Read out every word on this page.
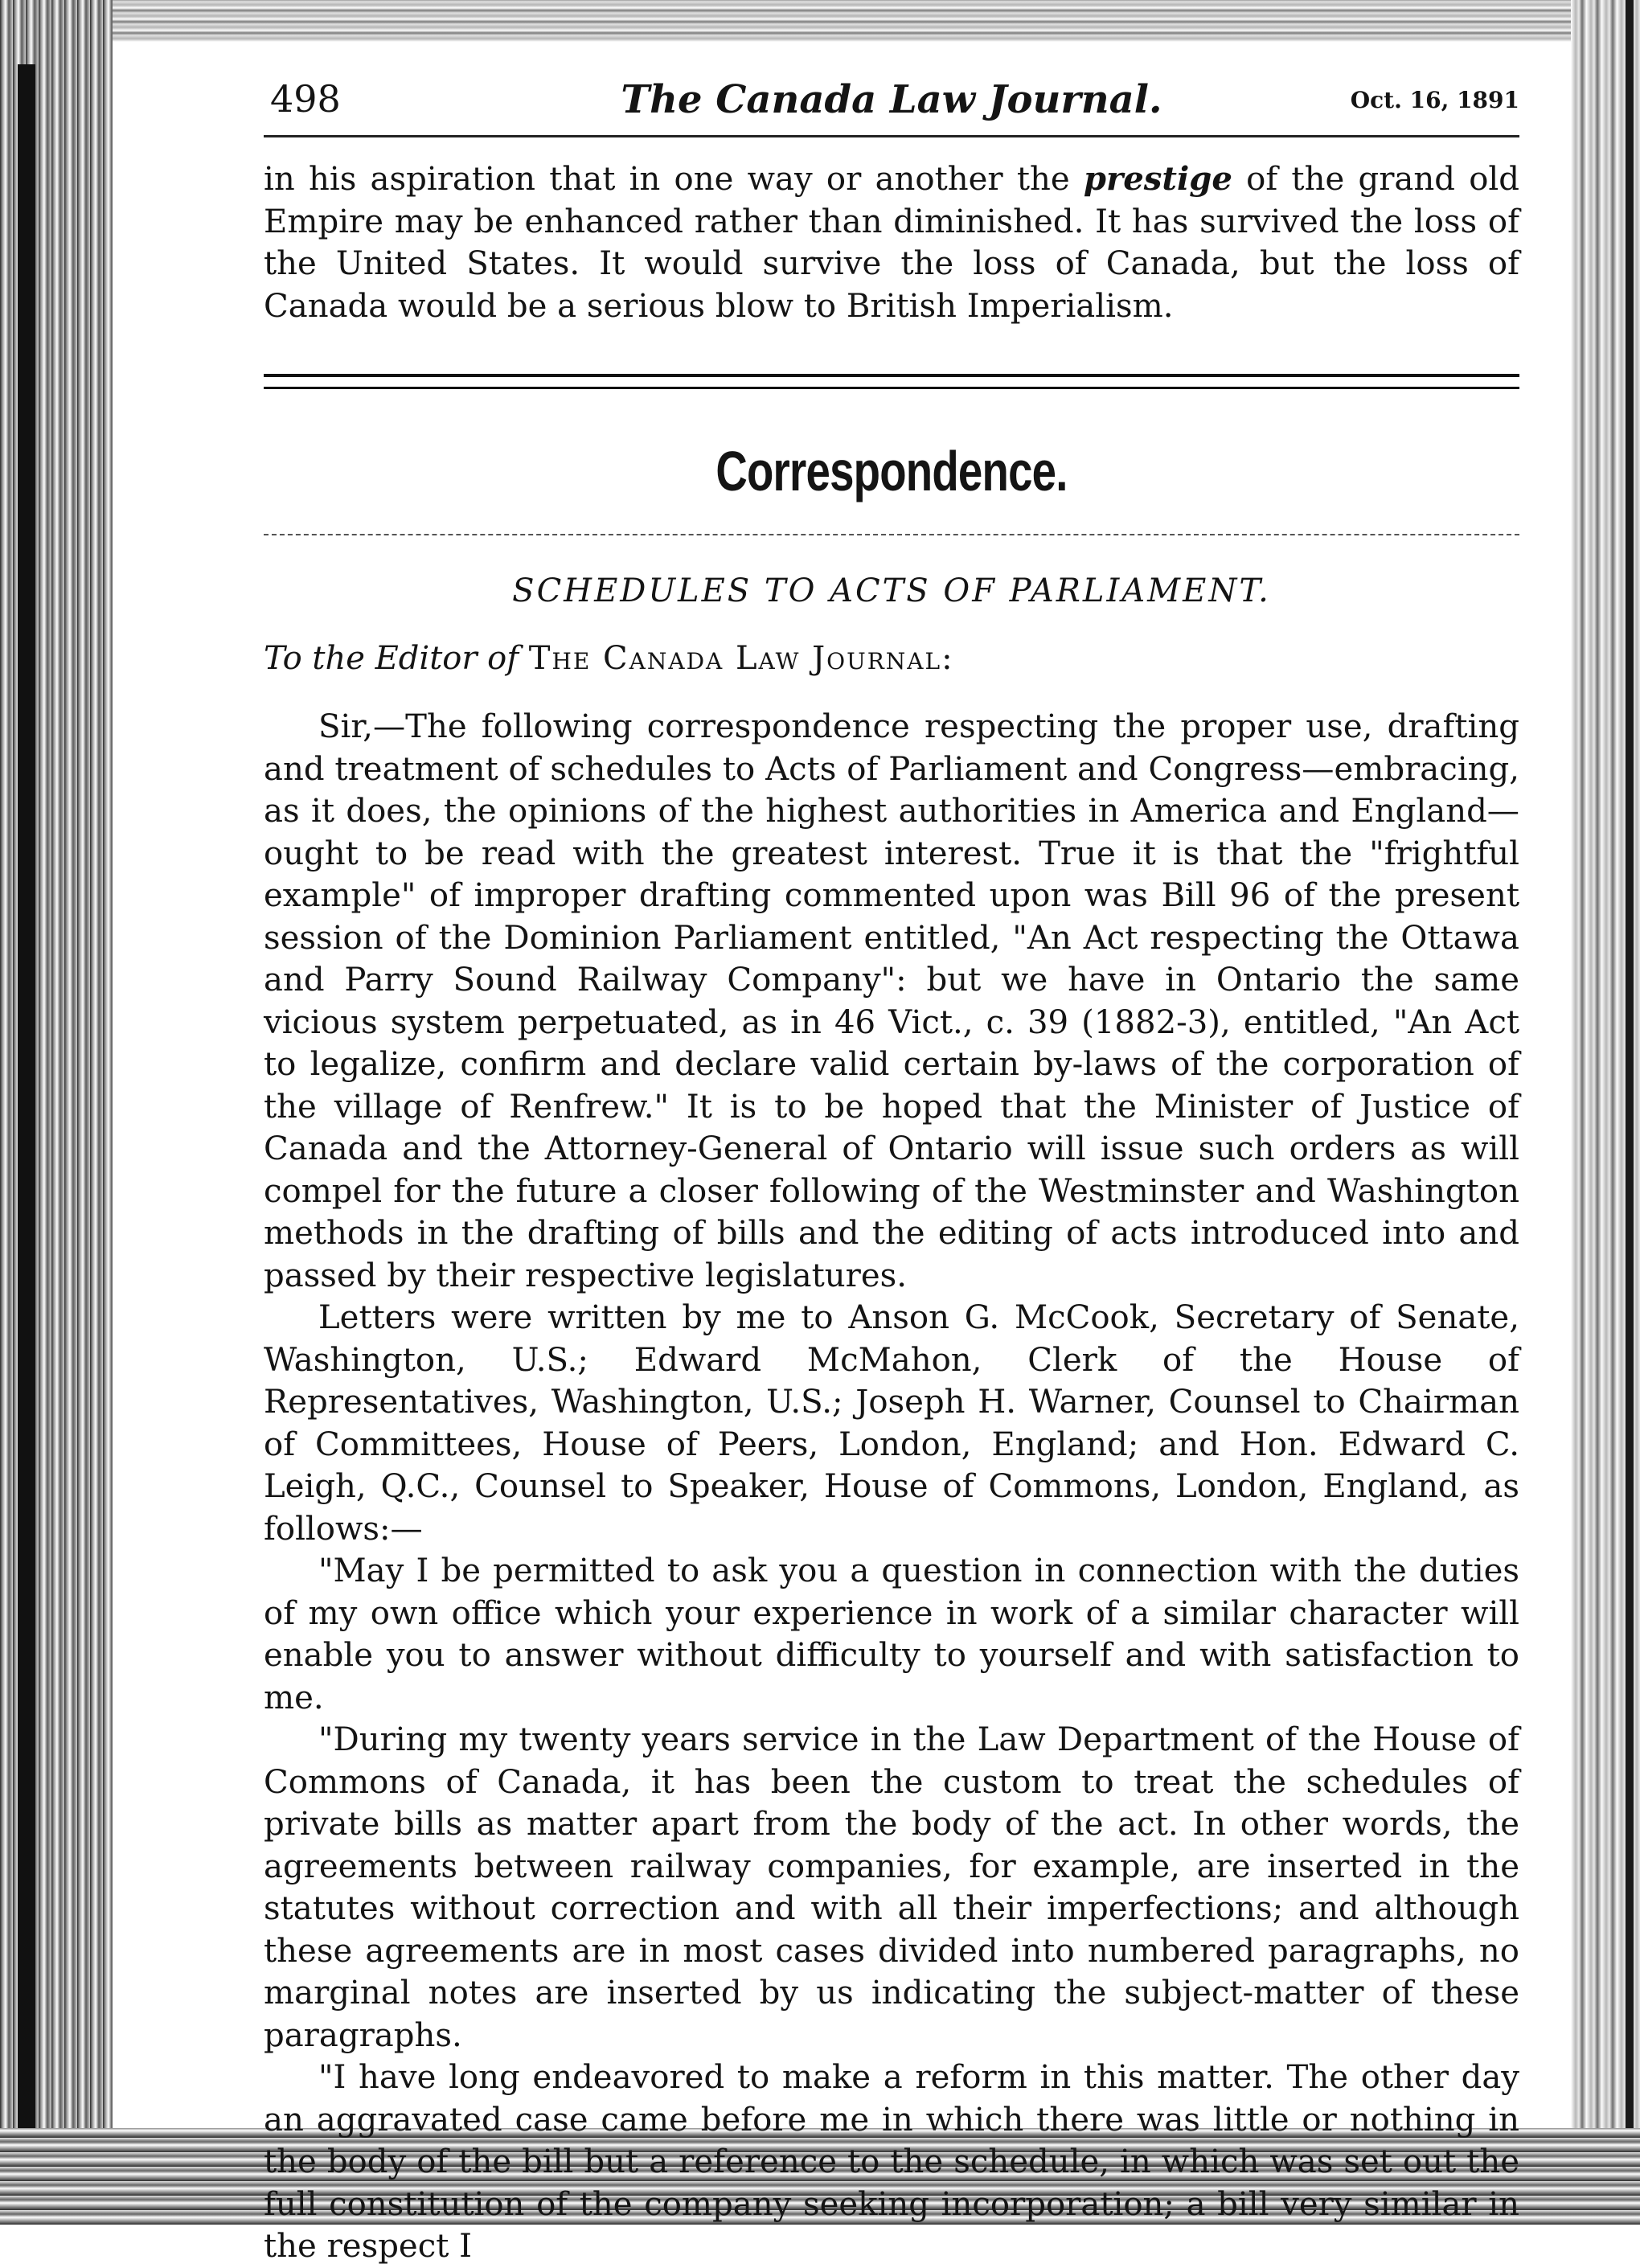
498	The Canada Law Journal.	Oct. 16, 1891

in his aspiration that in one way or another the prestige of the grand old Empire may be enhanced rather than diminished. It has survived the loss of the United States. It would survive the loss of Canada, but the loss of Canada would be a serious blow to British Imperialism.

Correspondence.
SCHEDULES TO ACTS OF PARLIAMENT.
To the Editor of The Canada Law Journal:

Sir,—The following correspondence respecting the proper use, drafting and treatment of schedules to Acts of Parliament and Congress—embracing, as it does, the opinions of the highest authorities in America and England—ought to be read with the greatest interest. True it is that the "frightful example" of improper drafting commented upon was Bill 96 of the present session of the Dominion Parliament entitled, "An Act respecting the Ottawa and Parry Sound Railway Company": but we have in Ontario the same vicious system perpetuated, as in 46 Vict., c. 39 (1882-3), entitled, "An Act to legalize, confirm and declare valid certain by-laws of the corporation of the village of Renfrew." It is to be hoped that the Minister of Justice of Canada and the Attorney-General of Ontario will issue such orders as will compel for the future a closer following of the Westminster and Washington methods in the drafting of bills and the editing of acts introduced into and passed by their respective legislatures.

Letters were written by me to Anson G. McCook, Secretary of Senate, Washington, U.S.; Edward McMahon, Clerk of the House of Representatives, Washington, U.S.; Joseph H. Warner, Counsel to Chairman of Committees, House of Peers, London, England; and Hon. Edward C. Leigh, Q.C., Counsel to Speaker, House of Commons, London, England, as follows:—

"May I be permitted to ask you a question in connection with the duties of my own office which your experience in work of a similar character will enable you to answer without difficulty to yourself and with satisfaction to me.

"During my twenty years service in the Law Department of the House of Commons of Canada, it has been the custom to treat the schedules of private bills as matter apart from the body of the act. In other words, the agreements between railway companies, for example, are inserted in the statutes without correction and with all their imperfections; and although these agreements are in most cases divided into numbered paragraphs, no marginal notes are inserted by us indicating the subject-matter of these paragraphs.

"I have long endeavored to make a reform in this matter. The other day an aggravated case came before me in which there was little or nothing in the body of the bill but a reference to the schedule, in which was set out the full constitution of the company seeking incorporation; a bill very similar in the respect I
